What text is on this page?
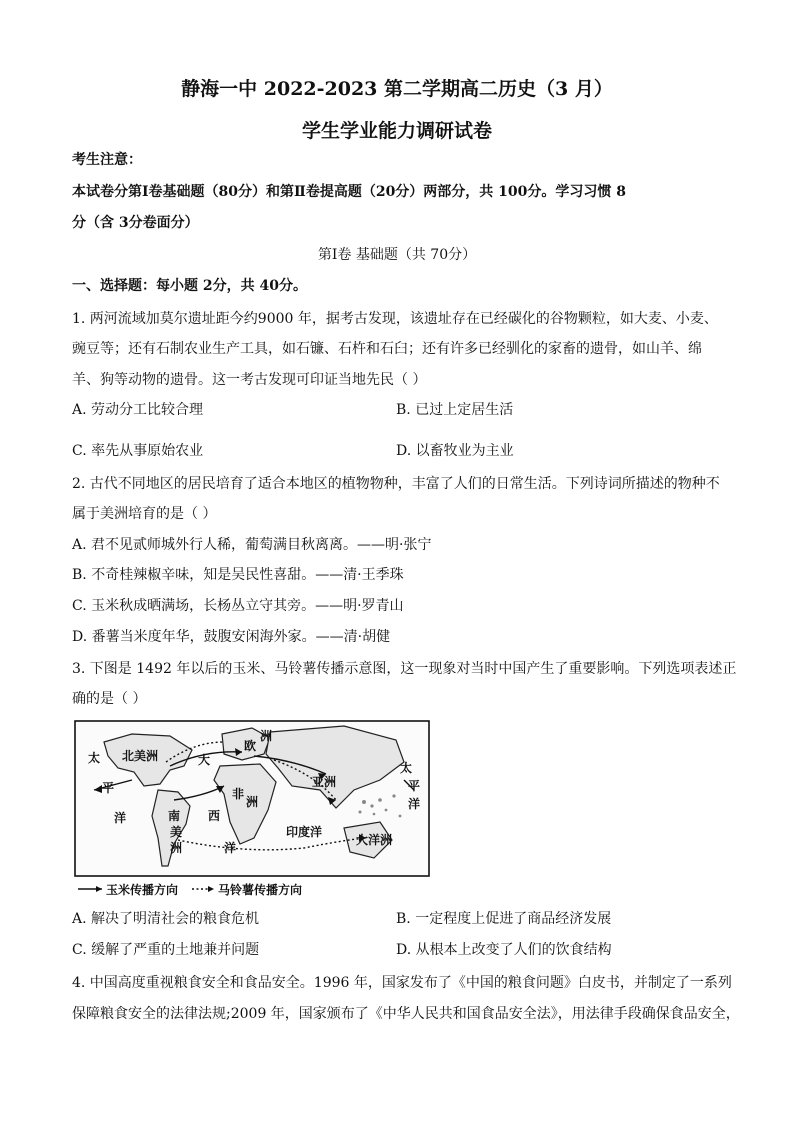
静海一中 2022-2023 第二学期高二历史（3 月）
学生学业能力调研试卷
考生注意：
本试卷分第Ⅰ卷基础题（80分）和第Ⅱ卷提高题（20分）两部分，共 100分。学习习惯 8
分（含 3分卷面分）
第Ⅰ卷 基础题（共 70分）
一、选择题：每小题 2分，共 40分。
1. 两河流域加莫尔遗址距今约9000 年，据考古发现，该遗址存在已经碳化的谷物颗粒，如大麦、小麦、
豌豆等；还有石制农业生产工具，如石镰、石杵和石臼；还有许多已经驯化的家畜的遗骨，如山羊、绵
羊、狗等动物的遗骨。这一考古发现可印证当地先民（ ）
A. 劳动分工比较合理	B. 已过上定居生活
C. 率先从事原始农业	D. 以畜牧业为主业
2. 古代不同地区的居民培育了适合本地区的植物物种，丰富了人们的日常生活。下列诗词所描述的物种不
属于美洲培育的是（ ）
A. 君不见贰师城外行人稀，葡萄满目秋离离。——明·张宁
B. 不奇桂辣椒辛味，知是吴民性喜甜。——清·王季珠
C. 玉米秋成晒满场，长杨丛立守其旁。——明·罗青山
D. 番薯当米度年华，鼓腹安闲海外家。——清·胡健
3. 下图是 1492 年以后的玉米、马铃薯传播示意图，这一现象对当时中国产生了重要影响。下列选项表述正
确的是（ ）
太
平
洋
北美洲	大
西
欧
洲
非
洲
南
美
洲	洋
亚洲
印度洋
太
平
洋
大洋洲
玉米传播方向	马铃薯传播方向
A. 解决了明清社会的粮食危机	B. 一定程度上促进了商品经济发展
C. 缓解了严重的土地兼并问题	D. 从根本上改变了人们的饮食结构
4. 中国高度重视粮食安全和食品安全。1996 年，国家发布了《中国的粮食问题》白皮书，并制定了一系列
保障粮食安全的法律法规;2009 年，国家颁布了《中华人民共和国食品安全法》，用法律手段确保食品安全，
